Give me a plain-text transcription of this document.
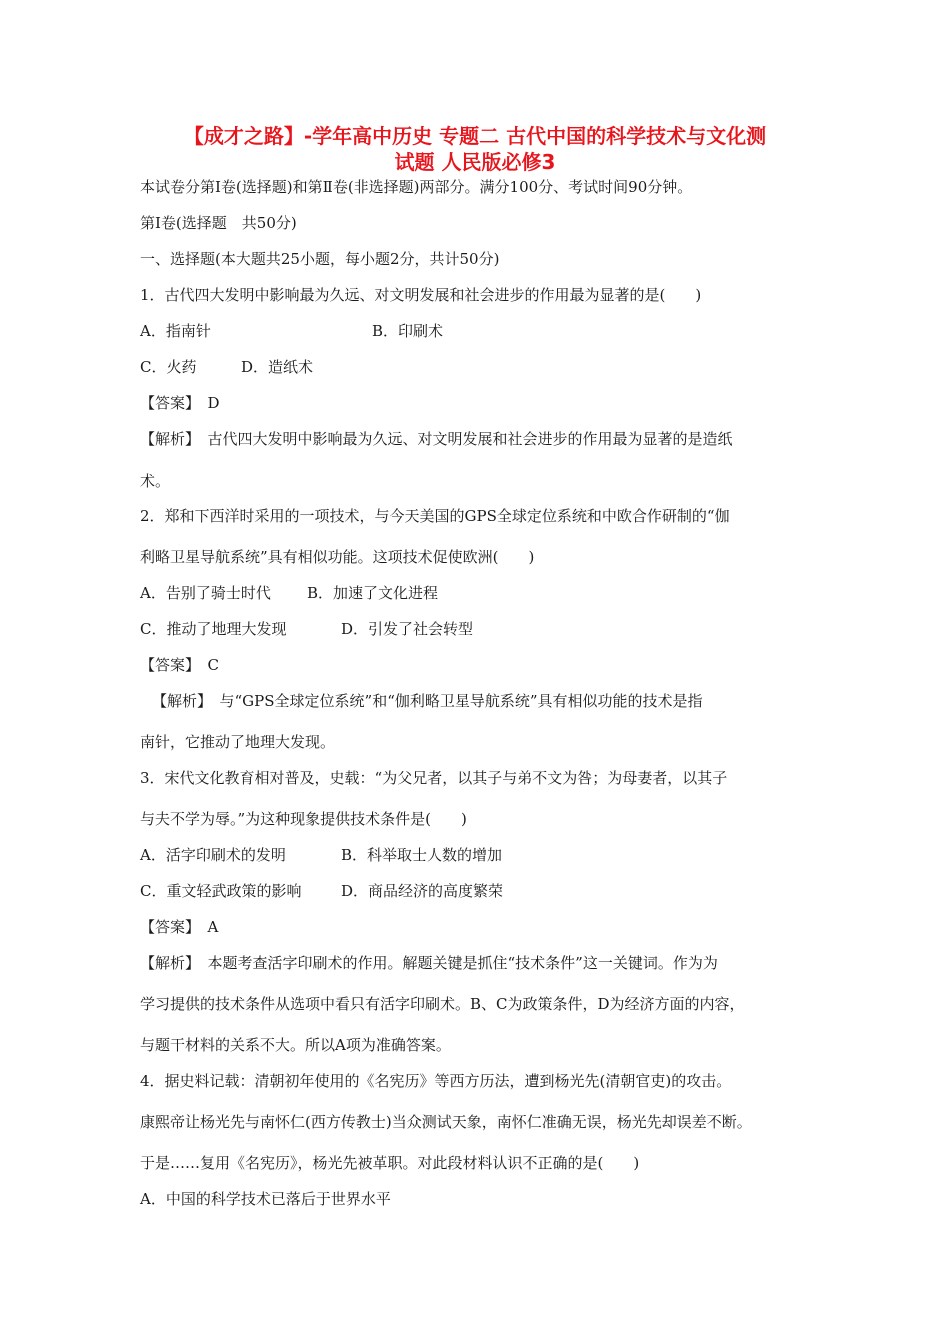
【成才之路】-学年高中历史 专题二 古代中国的科学技术与文化测
试题 人民版必修3
本试卷分第Ⅰ卷(选择题)和第Ⅱ卷(非选择题)两部分。满分100分、考试时间90分钟。
第Ⅰ卷(选择题　共50分)
一、选择题(本大题共25小题，每小题2分，共计50分)
1．古代四大发明中影响最为久远、对文明发展和社会进步的作用最为显著的是(　　)
A．指南针	B．印刷术
C．火药	D．造纸术
【答案】　D
【解析】　古代四大发明中影响最为久远、对文明发展和社会进步的作用最为显著的是造纸
术。
2．郑和下西洋时采用的一项技术，与今天美国的GPS全球定位系统和中欧合作研制的“伽
利略卫星导航系统”具有相似功能。这项技术促使欧洲(　　)
A．告别了骑士时代 B．加速了文化进程
C．推动了地理大发现	D．引发了社会转型
【答案】　C
【解析】　与“GPS全球定位系统”和“伽利略卫星导航系统”具有相似功能的技术是指
南针，它推动了地理大发现。
3．宋代文化教育相对普及，史载：“为父兄者，以其子与弟不文为咎；为母妻者，以其子
与夫不学为辱。”为这种现象提供技术条件是(　　)
A．活字印刷术的发明	B．科举取士人数的增加
C．重文轻武政策的影响	D．商品经济的高度繁荣
【答案】　A
【解析】　本题考查活字印刷术的作用。解题关键是抓住“技术条件”这一关键词。作为为
学习提供的技术条件从选项中看只有活字印刷术。B、C为政策条件，D为经济方面的内容，
与题干材料的关系不大。所以A项为准确答案。
4．据史料记载：清朝初年使用的《名宪历》等西方历法，遭到杨光先(清朝官吏)的攻击。
康熙帝让杨光先与南怀仁(西方传教士)当众测试天象，南怀仁准确无误，杨光先却误差不断。
于是……复用《名宪历》，杨光先被革职。对此段材料认识不正确的是(　　)
A．中国的科学技术已落后于世界水平
